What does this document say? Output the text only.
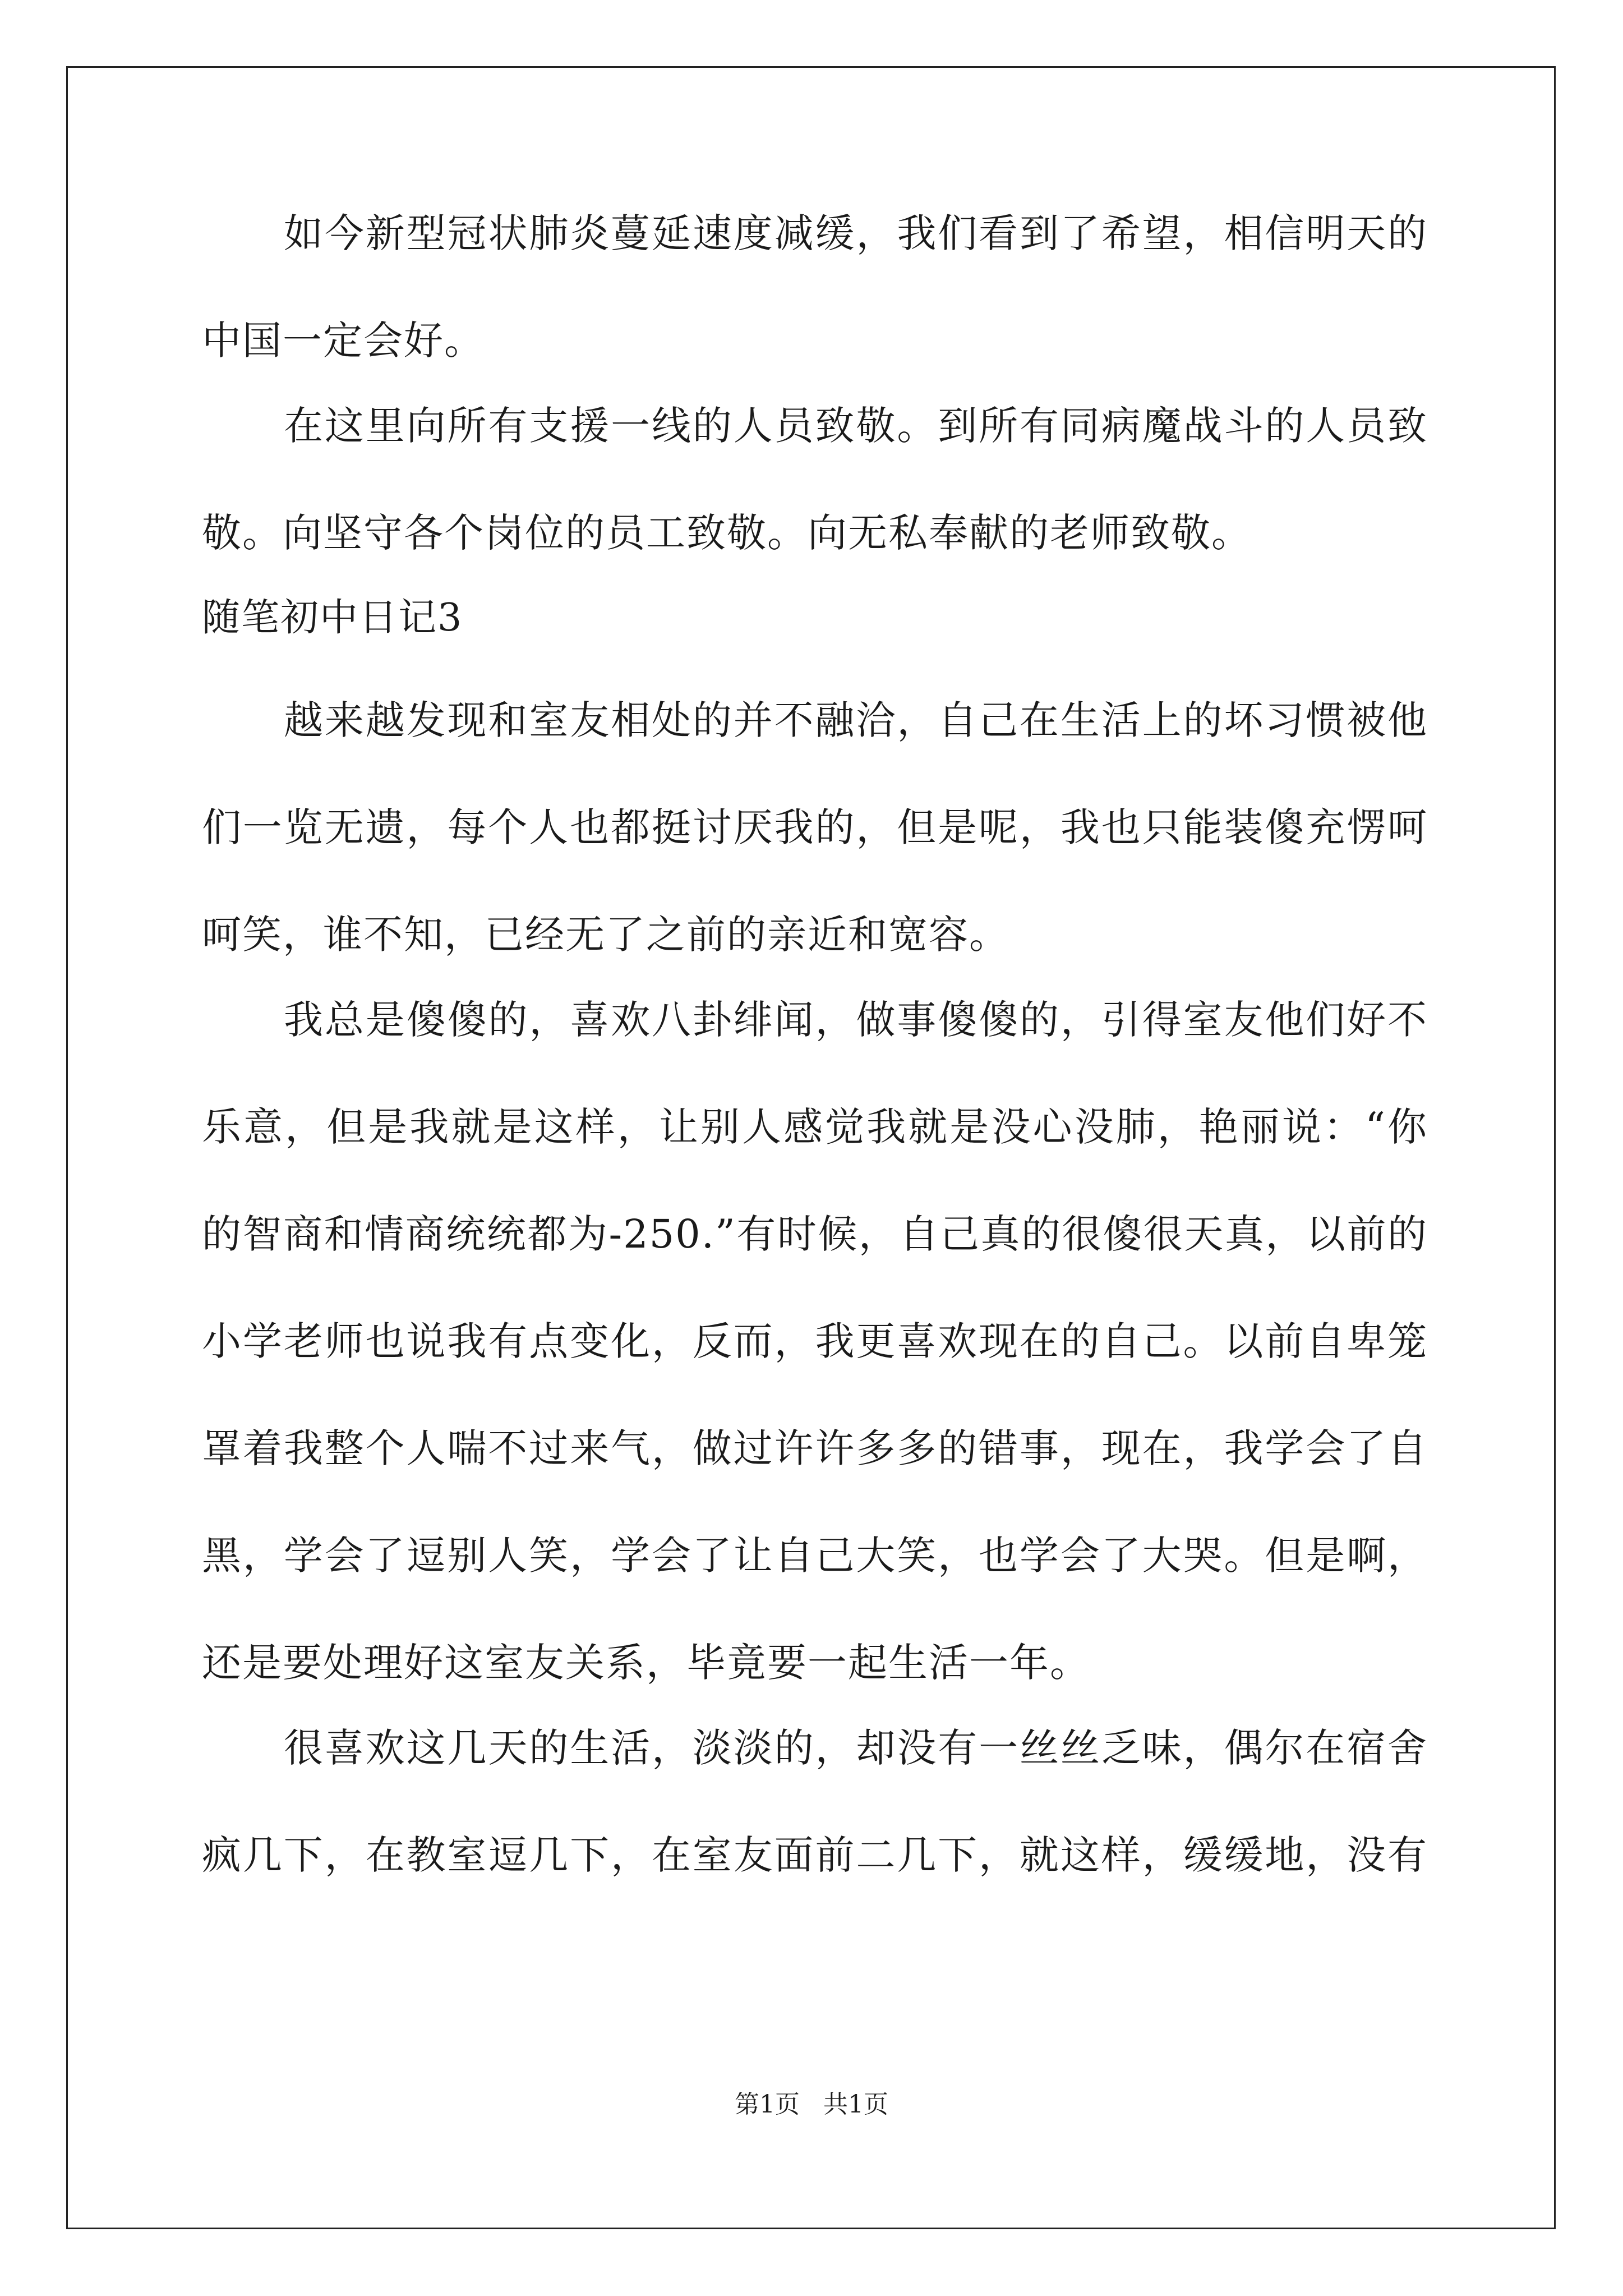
如今新型冠状肺炎蔓延速度减缓，我们看到了希望，相信明天的
中国一定会好。
在这里向所有支援一线的人员致敬。到所有同病魔战斗的人员致
敬。向坚守各个岗位的员工致敬。向无私奉献的老师致敬。
随笔初中日记3
越来越发现和室友相处的并不融洽，自己在生活上的坏习惯被他
们一览无遗，每个人也都挺讨厌我的，但是呢，我也只能装傻充愣呵
呵笑，谁不知，已经无了之前的亲近和宽容。
我总是傻傻的，喜欢八卦绯闻，做事傻傻的，引得室友他们好不
乐意，但是我就是这样，让别人感觉我就是没心没肺，艳丽说：“你
的智商和情商统统都为-250.”有时候，自己真的很傻很天真，以前的
小学老师也说我有点变化，反而，我更喜欢现在的自己。以前自卑笼
罩着我整个人喘不过来气，做过许许多多的错事，现在，我学会了自
黑，学会了逗别人笑，学会了让自己大笑，也学会了大哭。但是啊，
还是要处理好这室友关系，毕竟要一起生活一年。
很喜欢这几天的生活，淡淡的，却没有一丝丝乏味，偶尔在宿舍
疯几下，在教室逗几下，在室友面前二几下，就这样，缓缓地，没有
第1页 共1页
